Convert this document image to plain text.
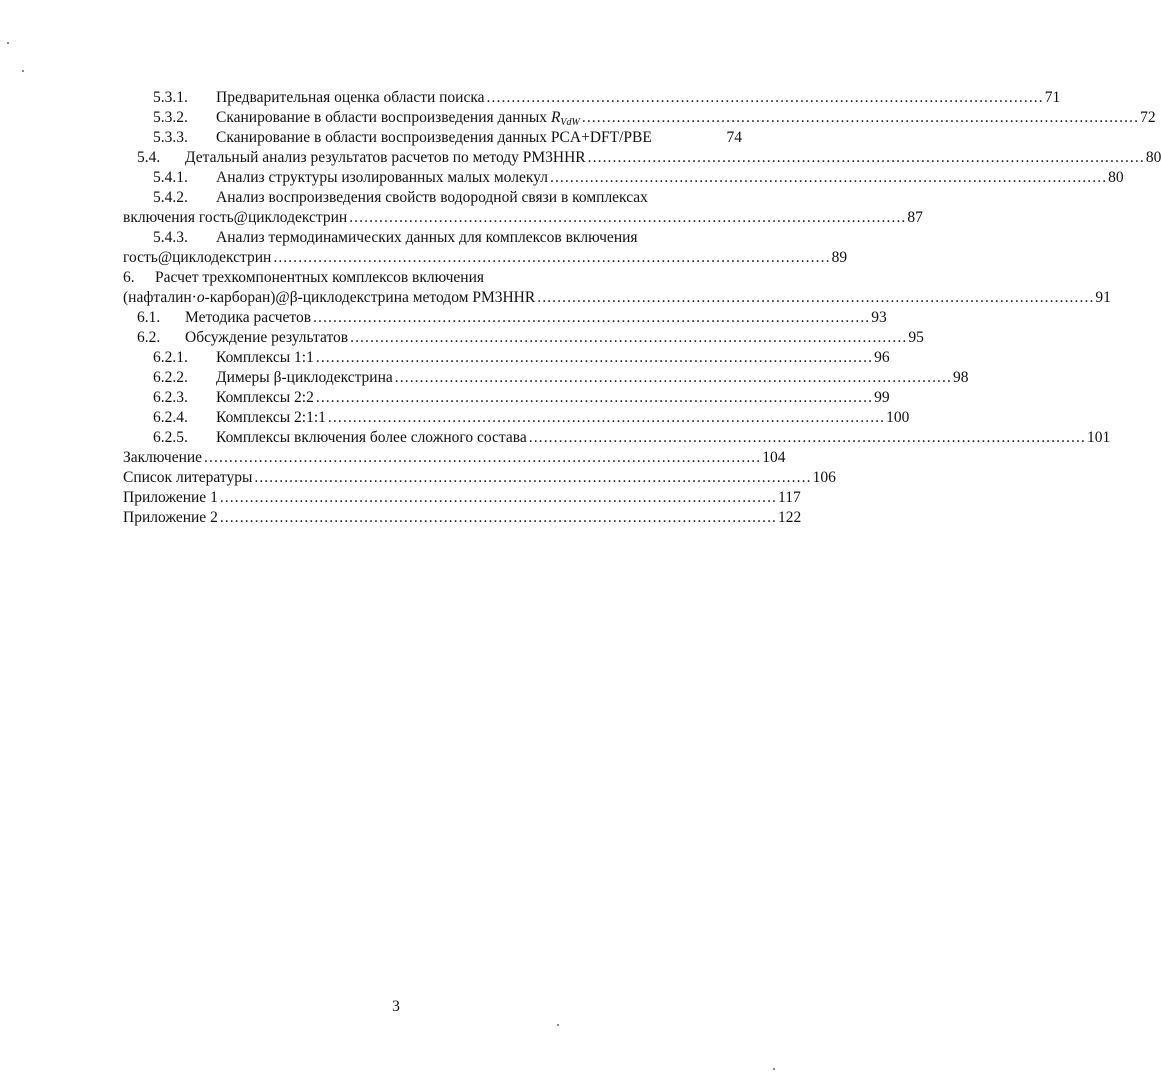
5.3.1. Предварительная оценка области поиска ................................................................................................................ 71
5.3.2. Сканирование в области воспроизведения данных $R_{VdW}$ ................................................................................................................ 72
5.3.3. Сканирование в области воспроизведения данных PCA+DFT/PBE	74
5.4. Детальный анализ результатов расчетов по методу PM3HHR ................................................................................................................ 80
5.4.1. Анализ структуры изолированных малых молекул ................................................................................................................ 80
5.4.2. Анализ воспроизведения свойств водородной связи в комплексах
включения гость@циклодекстрин ................................................................................................................ 87
5.4.3. Анализ термодинамических данных для комплексов включения
гость@циклодекстрин ................................................................................................................ 89
6. Расчет трехкомпонентных комплексов включения
(нафталин·o-карборан)@β-циклодекстрина методом PM3HHR ................................................................................................................ 91
6.1. Методика расчетов ................................................................................................................ 93
6.2. Обсуждение результатов ................................................................................................................ 95
6.2.1. Комплексы 1:1 ................................................................................................................ 96
6.2.2. Димеры β-циклодекстрина ................................................................................................................ 98
6.2.3. Комплексы 2:2 ................................................................................................................ 99
6.2.4. Комплексы 2:1:1 ................................................................................................................ 100
6.2.5. Комплексы включения более сложного состава ................................................................................................................ 101
Заключение ................................................................................................................ 104
Список литературы ................................................................................................................ 106
Приложение 1 ................................................................................................................ 117
Приложение 2 ................................................................................................................ 122
3
